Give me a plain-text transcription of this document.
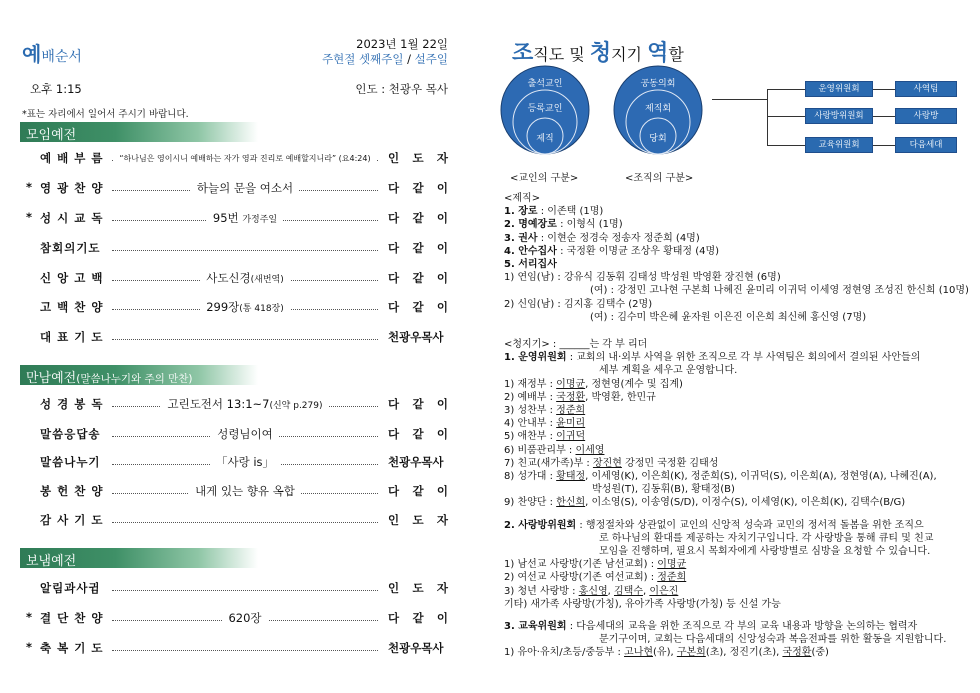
예배순서
2023년 1월 22일
주현절 셋째주일 / 설주일
오후 1:15	인도 : 천광우 목사
*표는 자리에서 일어서 주시기 바랍니다.
모임예전
만남예전(말씀나누기와 주의 만찬)
보냄예전
예 배 부 름	“하나님은 영이시니 예배하는 자가 영과 진리로 예배할지니라” (요4:24)	인 도 자
* 영 광 찬 양	하늘의 문을 여소서	다 같 이
* 성 시 교 독	95번 가정주일	다 같 이
참회의기도	다 같 이
신 앙 고 백	사도신경(새번역)	다 같 이
고 백 찬 양	299장(통 418장)	다 같 이
대 표 기 도	천광우목사
성 경 봉 독	고린도전서 13:1~7(신약 p.279)	다 같 이
말씀응답송	성령님이여	다 같 이
말씀나누기	「사랑 is」	천광우목사
봉 헌 찬 양	내게 있는 향유 옥합	다 같 이
감 사 기 도	인 도 자
알림과사귐	인 도 자
* 결 단 찬 양	620장	다 같 이
* 축 복 기 도	천광우목사
조직도 및 청지기 역할
출석교인
등록교인
제직
공동의회
제직회
당회
<교인의 구분>	<조직의 구분>
운영위원회
사랑방위원회
교육위원회
사역팀
사랑방
다음세대
<제직>
1. 장로 : 이존택 (1명)
2. 명예장로 : 이형식 (1명)
3. 권사 : 이현순 정경숙 정송자 정준희 (4명)
4. 안수집사 : 국정환 이명균 조상우 황태정 (4명)
5. 서리집사
1) 연임(남) : 강유식 김동휘 김태성 박성원 박영환 장진현 (6명)
(여) : 강정민 고나현 구본희 나혜진 윤미리 이귀덕 이세영 정현영 조성진 한신희 (10명)
2) 신임(남) : 김지홍 김택수 (2명)
(여) : 김수미 박은혜 윤자원 이은진 이은희 최신혜 홍신영 (7명)
<청지기> : ______는 각 부 리더
1. 운영위원회 : 교회의 내·외부 사역을 위한 조직으로 각 부 사역팀은 회의에서 결의된 사안들의
세부 계획을 세우고 운영합니다.
1) 재정부 : 이명균, 정현영(계수 및 집계)
2) 예배부 : 국정환, 박영환, 한민규
3) 성찬부 : 정준희
4) 안내부 : 윤미리
5) 애찬부 : 이귀덕
6) 비품관리부 : 이세영
7) 친교(새가족)부 : 장진현 강정민 국정환 김태성
8) 성가대 : 황태정, 이세영(K), 이은희(K), 정준희(S), 이귀덕(S), 이은희(A), 정현영(A), 나혜진(A),
박성원(T), 김동휘(B), 황태정(B)
9) 찬양단 : 한신희, 이소영(S), 이송영(S/D), 이정수(S), 이세영(K), 이은희(K), 김택수(B/G)
2. 사랑방위원회 : 행정절차와 상관없이 교인의 신앙적 성숙과 교민의 정서적 돌봄을 위한 조직으
로 하나님의 환대를 제공하는 자치기구입니다. 각 사랑방을 통해 큐티 및 친교
모임을 진행하며, 필요시 목회자에게 사랑방별로 심방을 요청할 수 있습니다.
1) 남선교 사랑방(기존 남선교회) : 이명균
2) 여선교 사랑방(기존 여선교회) : 정준희
3) 청년 사랑방 : 홍신영, 김택수, 이은진
기타) 새가족 사랑방(가칭), 유아가족 사랑방(가칭) 등 신설 가능
3. 교육위원회 : 다음세대의 교육을 위한 조직으로 각 부의 교육 내용과 방향을 논의하는 협력자
문기구이며, 교회는 다음세대의 신앙성숙과 복음전파를 위한 활동을 지원합니다.
1) 유아·유치/초등/중등부 : 고나현(유), 구본희(초), 정진기(초), 국정환(중)
